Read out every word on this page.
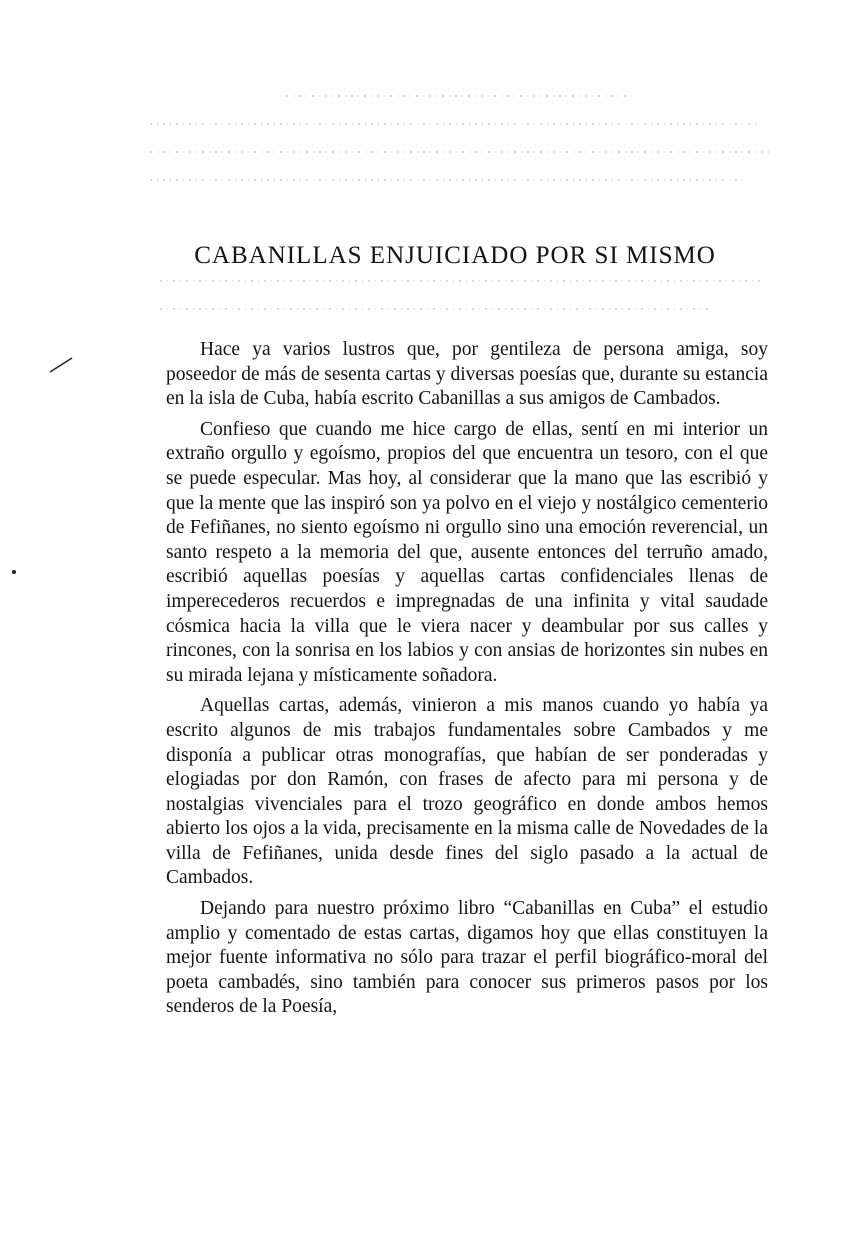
CABANILLAS ENJUICIADO POR SI MISMO

Hace ya varios lustros que, por gentileza de persona amiga, soy poseedor de más de sesenta cartas y diversas poesías que, durante su estancia en la isla de Cuba, había escrito Cabanillas a sus amigos de Cambados.

Confieso que cuando me hice cargo de ellas, sentí en mi interior un extraño orgullo y egoísmo, propios del que encuentra un tesoro, con el que se puede especular. Mas hoy, al considerar que la mano que las escribió y que la mente que las inspiró son ya polvo en el viejo y nostálgico cementerio de Fefiñanes, no siento egoísmo ni orgullo sino una emoción reverencial, un santo respeto a la memoria del que, ausente entonces del terruño amado, escribió aquellas poesías y aquellas cartas confidenciales llenas de imperecederos recuerdos e impregnadas de una infinita y vital saudade cósmica hacia la villa que le viera nacer y deambular por sus calles y rincones, con la sonrisa en los labios y con ansias de horizontes sin nubes en su mirada lejana y místicamente soñadora.

Aquellas cartas, además, vinieron a mis manos cuando yo había ya escrito algunos de mis trabajos fundamentales sobre Cambados y me disponía a publicar otras monografías, que habían de ser ponderadas y elogiadas por don Ramón, con frases de afecto para mi persona y de nostalgias vivenciales para el trozo geográfico en donde ambos hemos abierto los ojos a la vida, precisamente en la misma calle de Novedades de la villa de Fefiñanes, unida desde fines del siglo pasado a la actual de Cambados.

Dejando para nuestro próximo libro “Cabanillas en Cuba” el estudio amplio y comentado de estas cartas, digamos hoy que ellas constituyen la mejor fuente informativa no sólo para trazar el perfil biográfico-moral del poeta cambadés, sino también para conocer sus primeros pasos por los senderos de la Poesía,
